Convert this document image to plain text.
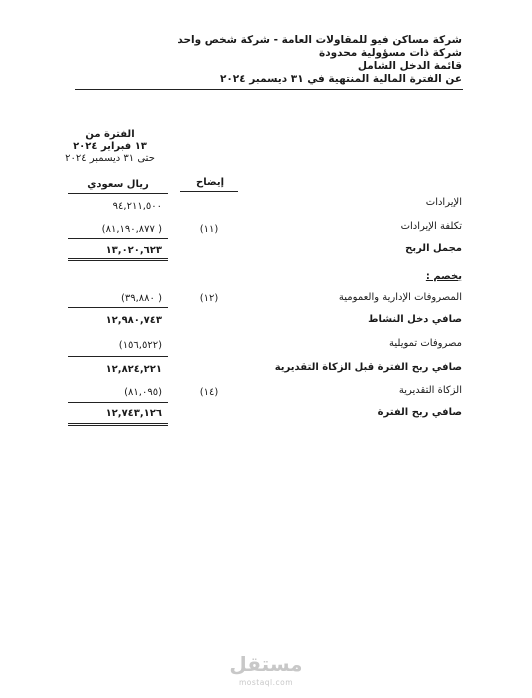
شركة مساكن فيو للمقاولات العامة - شركة شخص واحد
شركة ذات مسؤولية محدودة
قائمة الدخل الشامل
عن الفترة المالية المنتهية في ٣١ ديسمبر ٢٠٢٤
الفترة من
١٣ فبراير ٢٠٢٤
حتى ٣١ ديسمبر ٢٠٢٤
إيضاح
ريال سعودي
الإيرادات
٩٤,٢١١,٥٠٠
تكلفة الإيرادات
(١١)
( ٨١,١٩٠,٨٧٧)
مجمل الربح
١٣,٠٢٠,٦٢٣
يخصم :
المصروفات الإدارية والعمومية
(١٢)
( ٣٩,٨٨٠)
صافي دخل النشاط
١٢,٩٨٠,٧٤٣
مصروفات تمويلية
(١٥٦,٥٢٢)
صافي ربح الفترة قبل الزكاة التقديرية
١٢,٨٢٤,٢٢١
الزكاة التقديرية
(١٤)
(٨١,٠٩٥)
صافي ربح الفترة
١٢,٧٤٣,١٢٦
مستقل
mostaql.com
